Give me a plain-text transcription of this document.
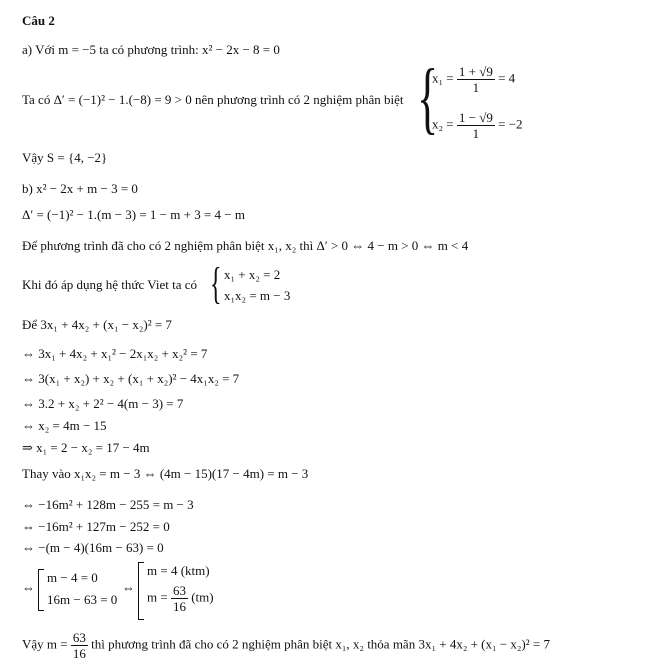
Câu 2
a) Với m = −5 ta có phương trình: x² − 2x − 8 = 0
Ta có Δ′ = (−1)² − 1.(−8) = 9 > 0 nên phương trình có 2 nghiệm phân biệt {
$x_1 = \frac{1 + √9}{1} = 4$
$x_2 = \frac{1 - √9}{1} = -2$
Vậy S = {4, −2}
b) x² − 2x + m − 3 = 0
Δ′ = (−1)² − 1.(m − 3) = 1 − m + 3 = 4 − m
Để phương trình đã cho có 2 nghiệm phân biệt x₁, x₂ thì Δ′ > 0 ⇔ 4 − m > 0 ⇔ m < 4
Khi đó áp dụng hệ thức Viet ta có { x₁ + x₂ = 2
x₁x₂ = m − 3
Để 3x₁ + 4x₂ + (x₁ − x₂)² = 7
⇔ 3x₁ + 4x₂ + x₁² − 2x₁x₂ + x₂² = 7
⇔ 3(x₁ + x₂) + x₂ + (x₁ + x₂)² − 4x₁x₂ = 7
⇔ 3.2 + x₂ + 2² − 4(m − 3) = 7
⇔ x₂ = 4m − 15
⇒ x₁ = 2 − x₂ = 17 − 4m
Thay vào x₁x₂ = m − 3 ⇔ (4m − 15)(17 − 4m) = m − 3
⇔ −16m² + 128m − 255 = m − 3
⇔ −16m² + 127m − 252 = 0
⇔ −(m − 4)(16m − 63) = 0
⇔
m − 4 = 0
16m − 63 = 0
⇔
m = 4 (ktm)
$m = \frac{63}{16} (tm)$
Vậy $m = \frac{63}{16}$ thì phương trình đã cho có 2 nghiệm phân biệt x₁, x₂ thỏa mãn 3x₁ + 4x₂ + (x₁ − x₂)² = 7
